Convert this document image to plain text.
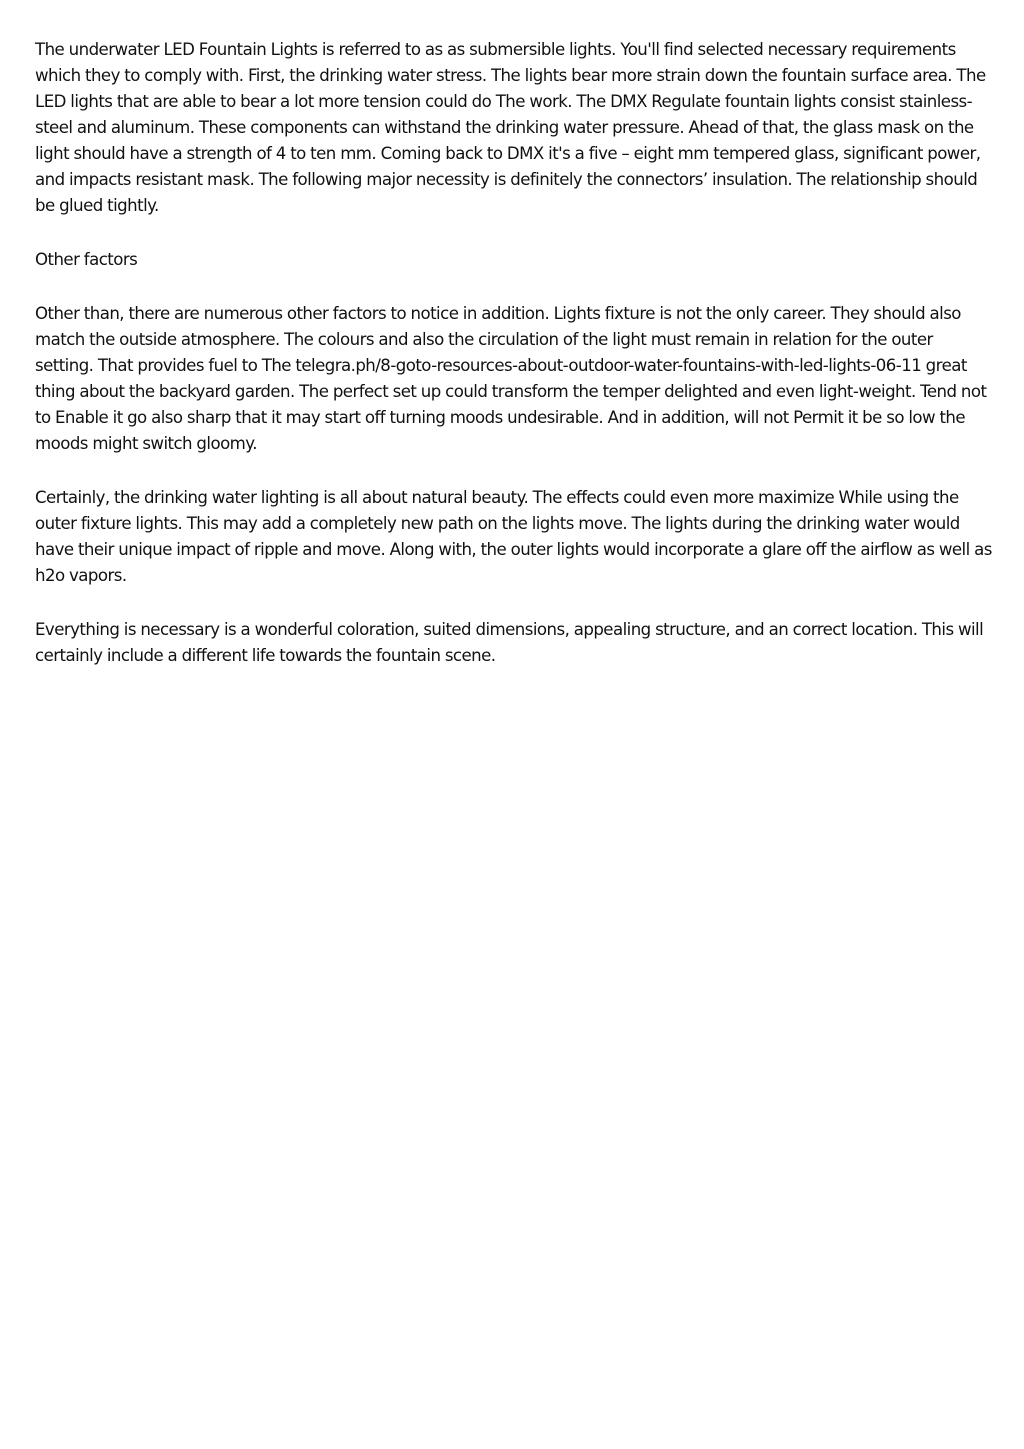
The underwater LED Fountain Lights is referred to as as submersible lights. You'll find selected necessary requirements which they to comply with. First, the drinking water stress. The lights bear more strain down the fountain surface area. The LED lights that are able to bear a lot more tension could do The work. The DMX Regulate fountain lights consist stainless-steel and aluminum. These components can withstand the drinking water pressure. Ahead of that, the glass mask on the light should have a strength of 4 to ten mm. Coming back to DMX it's a five – eight mm tempered glass, significant power, and impacts resistant mask. The following major necessity is definitely the connectors’ insulation. The relationship should be glued tightly.

Other factors

Other than, there are numerous other factors to notice in addition. Lights fixture is not the only career. They should also match the outside atmosphere. The colours and also the circulation of the light must remain in relation for the outer setting. That provides fuel to The telegra.ph/8-goto-resources-about-outdoor-water-fountains-with-led-lights-06-11 great thing about the backyard garden. The perfect set up could transform the temper delighted and even light-weight. Tend not to Enable it go also sharp that it may start off turning moods undesirable. And in addition, will not Permit it be so low the moods might switch gloomy.

Certainly, the drinking water lighting is all about natural beauty. The effects could even more maximize While using the outer fixture lights. This may add a completely new path on the lights move. The lights during the drinking water would have their unique impact of ripple and move. Along with, the outer lights would incorporate a glare off the airflow as well as h2o vapors.

Everything is necessary is a wonderful coloration, suited dimensions, appealing structure, and an correct location. This will certainly include a different life towards the fountain scene.
